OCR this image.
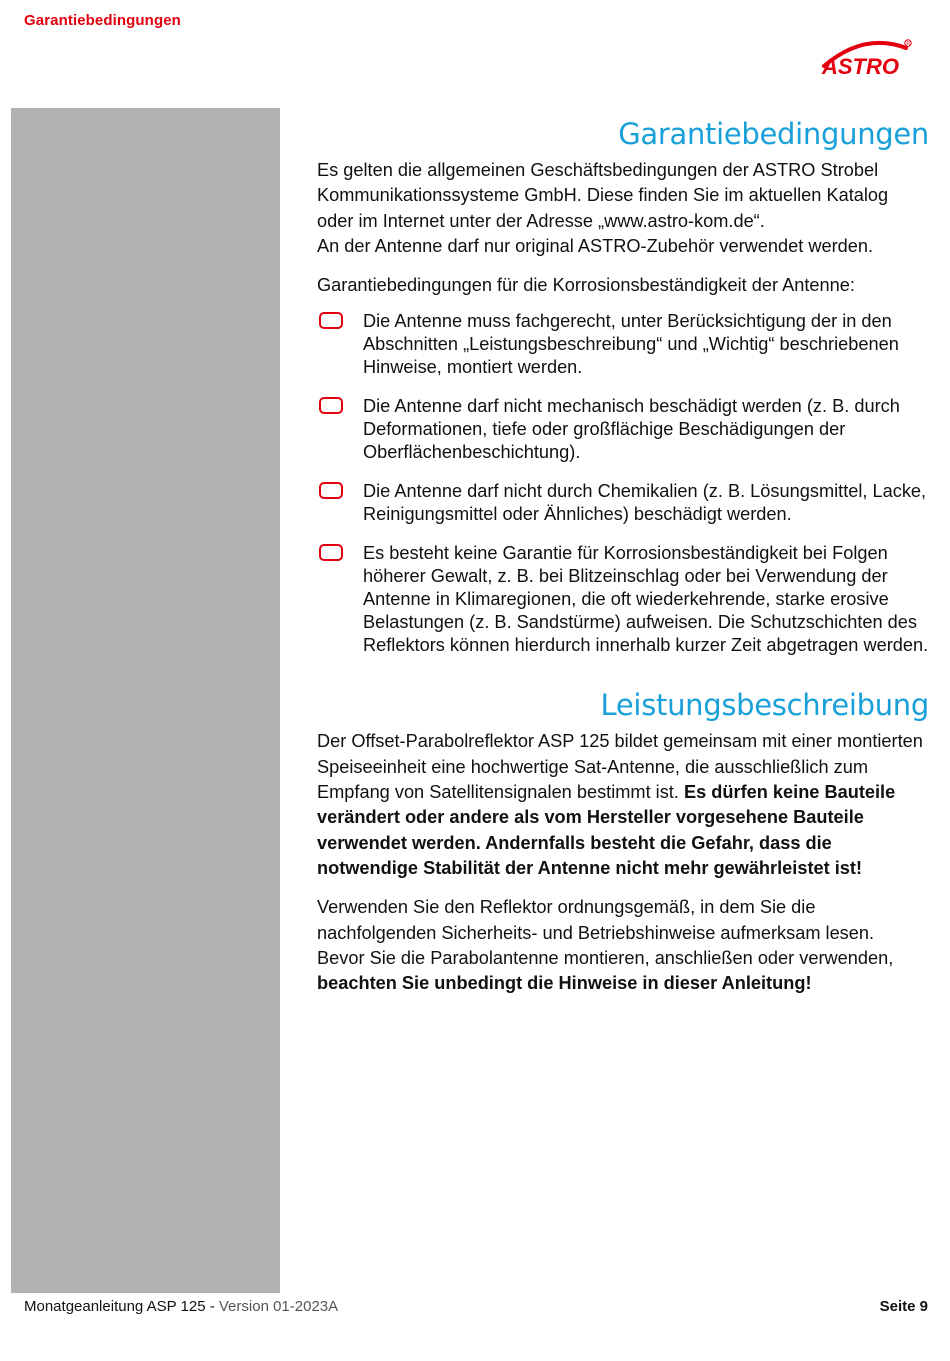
Garantiebedingungen
ASTRO
R
Garantiebedingungen

Es gelten die allgemeinen Geschäftsbedingungen der ASTRO Strobel Kommunikationssysteme GmbH. Diese finden Sie im aktuellen Katalog oder im Internet unter der Adresse „www.astro-kom.de“.

An der Antenne darf nur original ASTRO-Zubehör verwendet werden.

Garantiebedingungen für die Korrosionsbeständigkeit der Antenne:

Die Antenne muss fachgerecht, unter Berücksichtigung der in den Abschnitten „Leistungsbeschreibung“ und „Wichtig“ beschriebenen Hinweise, montiert werden.
Die Antenne darf nicht mechanisch beschädigt werden (z. B. durch Deformationen, tiefe oder großflächige Beschädigungen der Oberflächenbeschichtung).
Die Antenne darf nicht durch Chemikalien (z. B. Lösungsmittel, Lacke, Reinigungsmittel oder Ähnliches) beschädigt werden.
Es besteht keine Garantie für Korrosionsbeständigkeit bei Folgen höherer Gewalt, z. B. bei Blitzeinschlag oder bei Verwendung der Antenne in Klimaregionen, die oft wiederkehrende, starke erosive Belastungen (z. B. Sandstürme) aufweisen. Die Schutzschichten des Reflektors können hierdurch innerhalb kurzer Zeit abgetragen werden.
Leistungsbeschreibung

Der Offset-Parabolreflektor ASP 125 bildet gemeinsam mit einer montierten Speiseeinheit eine hochwertige Sat-Antenne, die ausschließlich zum Empfang von Satellitensignalen bestimmt ist. Es dürfen keine Bauteile verändert oder andere als vom Hersteller vorgesehene Bauteile verwendet werden. Andernfalls besteht die Gefahr, dass die notwendige Stabilität der Antenne nicht mehr gewährleistet ist!

Verwenden Sie den Reflektor ordnungsgemäß, in dem Sie die nachfolgenden Sicherheits- und Betriebshinweise aufmerksam lesen.

Bevor Sie die Parabolantenne montieren, anschließen oder verwenden, beachten Sie unbedingt die Hinweise in dieser Anleitung!

Monatgeanleitung ASP 125 - Version 01-2023A	Seite 9
